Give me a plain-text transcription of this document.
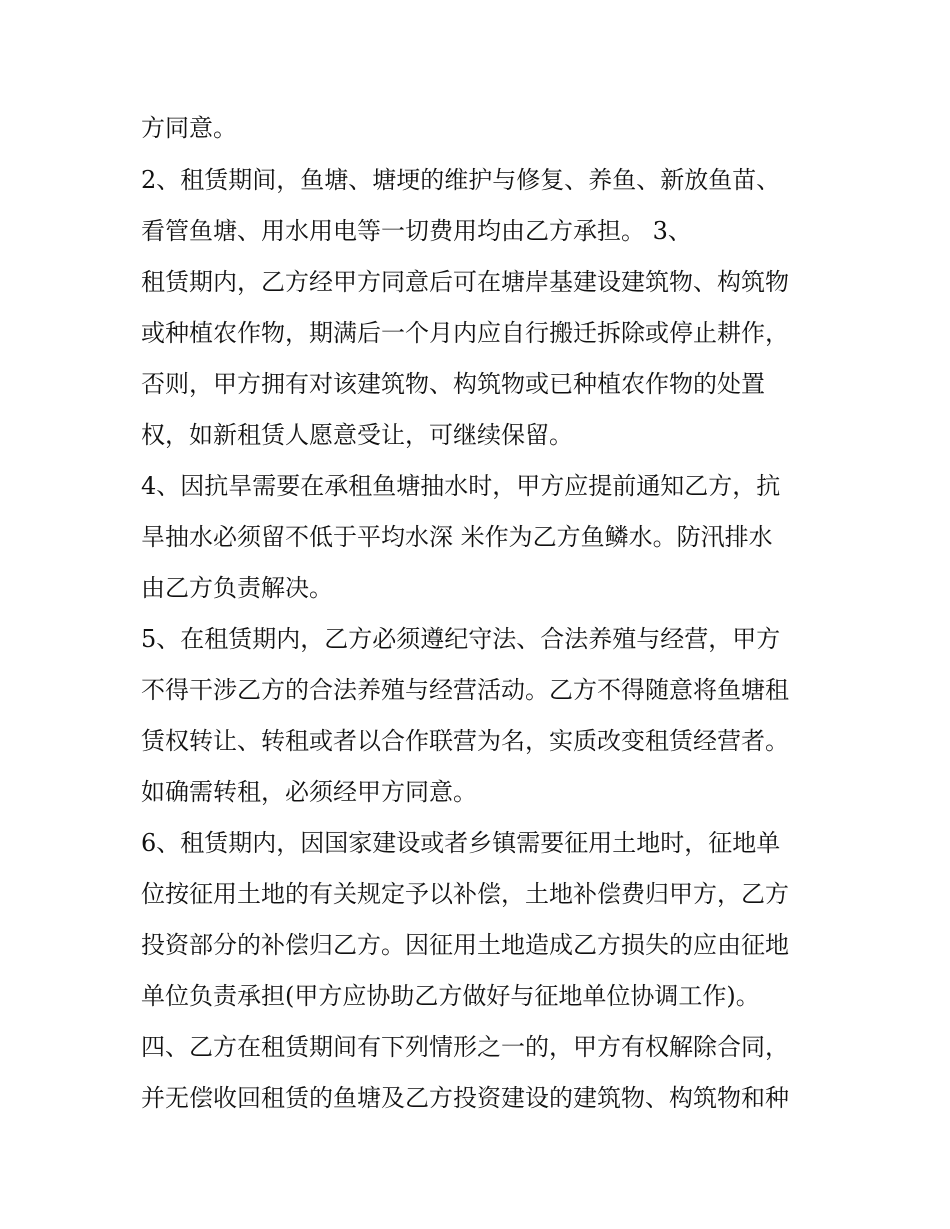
方同意。

2、租赁期间，鱼塘、塘埂的维护与修复、养鱼、新放鱼苗、

看管鱼塘、用水用电等一切费用均由乙方承担。 3、

租赁期内，乙方经甲方同意后可在塘岸基建设建筑物、构筑物

或种植农作物，期满后一个月内应自行搬迁拆除或停止耕作，

否则，甲方拥有对该建筑物、构筑物或已种植农作物的处置

权，如新租赁人愿意受让，可继续保留。

4、因抗旱需要在承租鱼塘抽水时，甲方应提前通知乙方，抗

旱抽水必须留不低于平均水深 米作为乙方鱼鳞水。防汛排水

由乙方负责解决。

5、在租赁期内，乙方必须遵纪守法、合法养殖与经营，甲方

不得干涉乙方的合法养殖与经营活动。乙方不得随意将鱼塘租

赁权转让、转租或者以合作联营为名，实质改变租赁经营者。

如确需转租，必须经甲方同意。

6、租赁期内，因国家建设或者乡镇需要征用土地时，征地单

位按征用土地的有关规定予以补偿，土地补偿费归甲方，乙方

投资部分的补偿归乙方。因征用土地造成乙方损失的应由征地

单位负责承担(甲方应协助乙方做好与征地单位协调工作)。

四、乙方在租赁期间有下列情形之一的，甲方有权解除合同，

并无偿收回租赁的鱼塘及乙方投资建设的建筑物、构筑物和种
